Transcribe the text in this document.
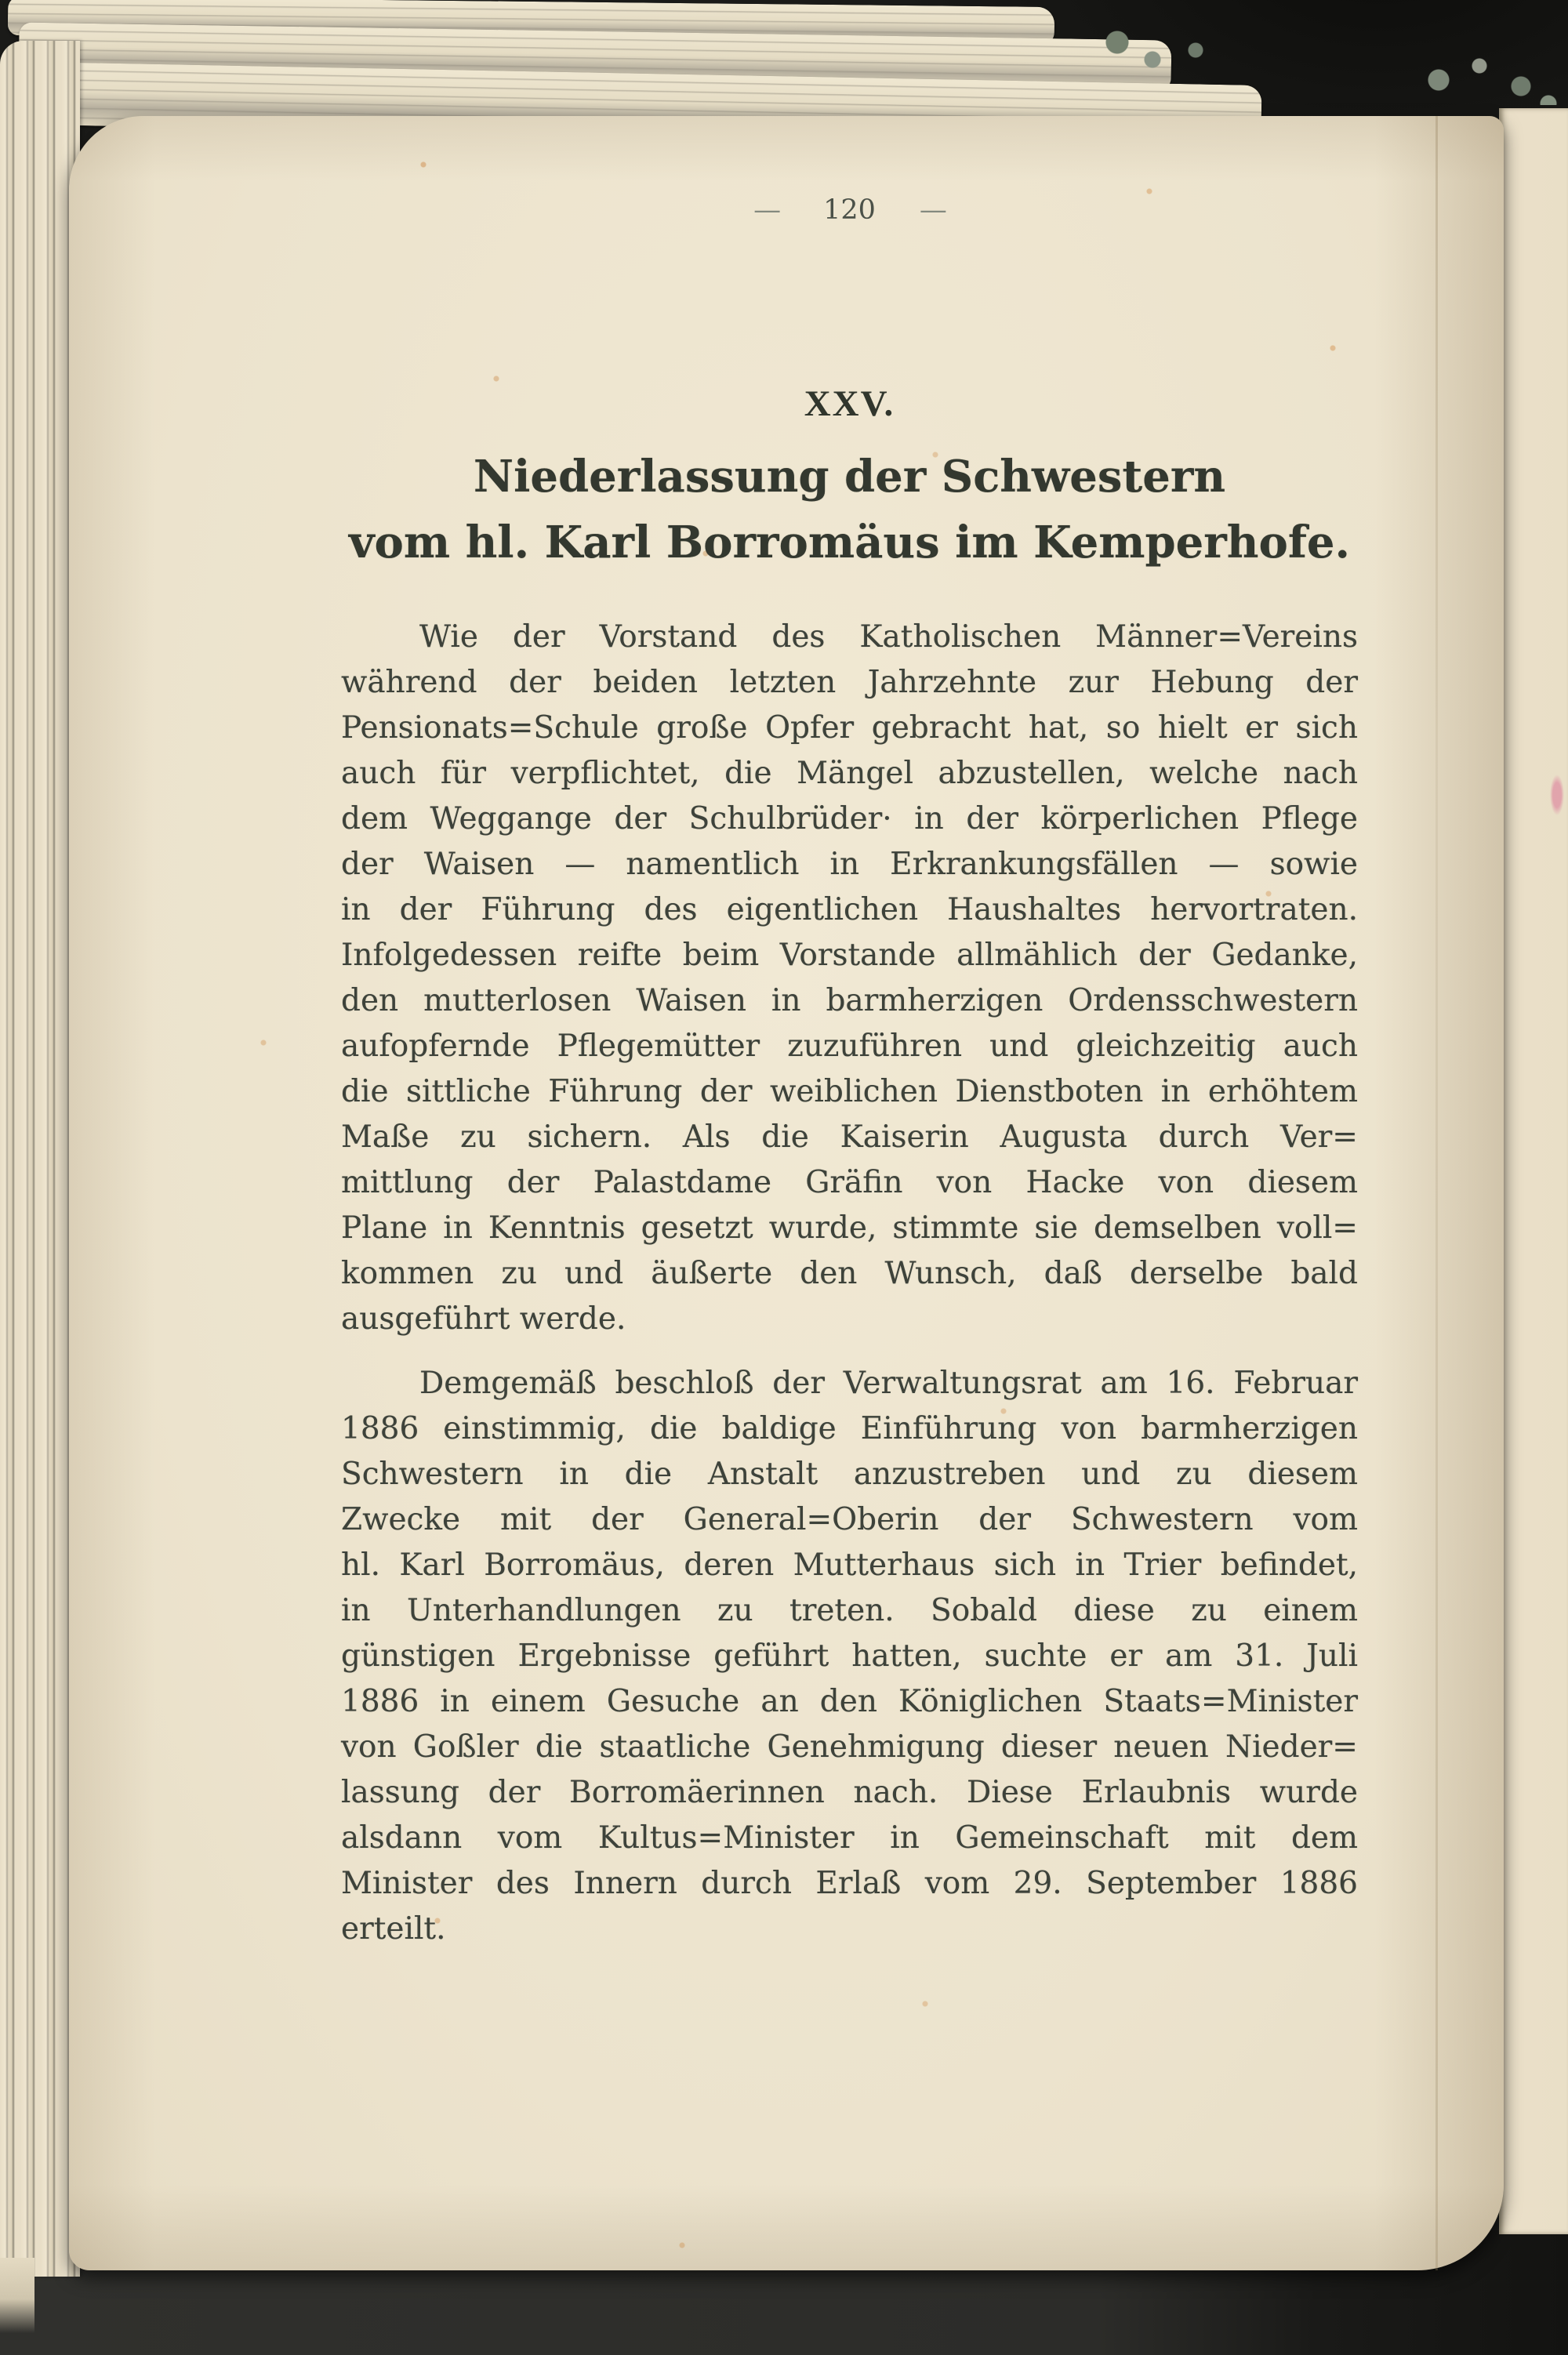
— 120 —
XXV.
Niederlassung der Schwestern
vom hl. Karl Borromäus im Kemperhofe.
Wie der Vorstand des Katholischen Männer=Vereins
während der beiden letzten Jahrzehnte zur Hebung der
Pensionats=Schule große Opfer gebracht hat, so hielt er sich
auch für verpflichtet, die Mängel abzustellen, welche nach
dem Weggange der Schulbrüder· in der körperlichen Pflege
der Waisen — namentlich in Erkrankungsfällen — sowie
in der Führung des eigentlichen Haushaltes hervortraten.
Infolgedessen reifte beim Vorstande allmählich der Gedanke,
den mutterlosen Waisen in barmherzigen Ordensschwestern
aufopfernde Pflegemütter zuzuführen und gleichzeitig auch
die sittliche Führung der weiblichen Dienstboten in erhöhtem
Maße zu sichern. Als die Kaiserin Augusta durch Ver=
mittlung der Palastdame Gräfin von Hacke von diesem
Plane in Kenntnis gesetzt wurde, stimmte sie demselben voll=
kommen zu und äußerte den Wunsch, daß derselbe bald
ausgeführt werde.
Demgemäß beschloß der Verwaltungsrat am 16. Februar
1886 einstimmig, die baldige Einführung von barmherzigen
Schwestern in die Anstalt anzustreben und zu diesem
Zwecke mit der General=Oberin der Schwestern vom
hl. Karl Borromäus, deren Mutterhaus sich in Trier befindet,
in Unterhandlungen zu treten. Sobald diese zu einem
günstigen Ergebnisse geführt hatten, suchte er am 31. Juli
1886 in einem Gesuche an den Königlichen Staats=Minister
von Goßler die staatliche Genehmigung dieser neuen Nieder=
lassung der Borromäerinnen nach. Diese Erlaubnis wurde
alsdann vom Kultus=Minister in Gemeinschaft mit dem
Minister des Innern durch Erlaß vom 29. September 1886
erteilt.
